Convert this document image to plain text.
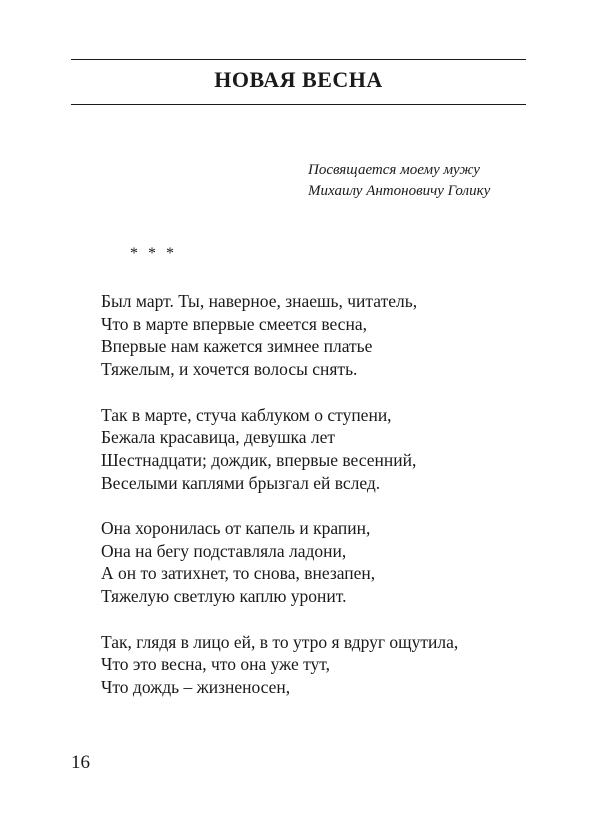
НОВАЯ ВЕСНА
Посвящается моему мужу
Михаилу Антоновичу Голику
* * *
Был март. Ты, наверное, знаешь, читатель,
Что в марте впервые смеется весна,
Впервые нам кажется зимнее платье
Тяжелым, и хочется волосы снять.
Так в марте, стуча каблуком о ступени,
Бежала красавица, девушка лет
Шестнадцати; дождик, впервые весенний,
Веселыми каплями брызгал ей вслед.
Она хоронилась от капель и крапин,
Она на бегу подставляла ладони,
А он то затихнет, то снова, внезапен,
Тяжелую светлую каплю уронит.
Так, глядя в лицо ей, в то утро я вдруг ощутила,
Что это весна, что она уже тут,
Что дождь – жизненосен,
16
